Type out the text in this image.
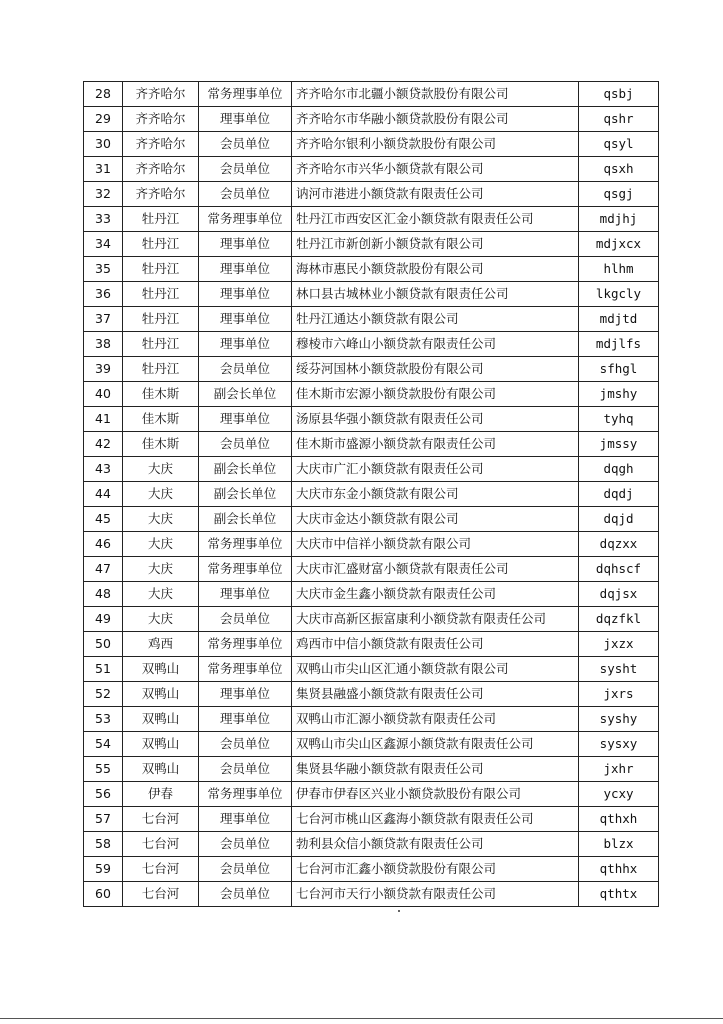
28	齐齐哈尔	常务理事单位	齐齐哈尔市北疆小额贷款股份有限公司	qsbj
29	齐齐哈尔	理事单位	齐齐哈尔市华融小额贷款股份有限公司	qshr
30	齐齐哈尔	会员单位	齐齐哈尔银利小额贷款股份有限公司	qsyl
31	齐齐哈尔	会员单位	齐齐哈尔市兴华小额贷款有限公司	qsxh
32	齐齐哈尔	会员单位	讷河市港进小额贷款有限责任公司	qsgj
33	牡丹江	常务理事单位	牡丹江市西安区汇金小额贷款有限责任公司	mdjhj
34	牡丹江	理事单位	牡丹江市新创新小额贷款有限公司	mdjxcx
35	牡丹江	理事单位	海林市惠民小额贷款股份有限公司	hlhm
36	牡丹江	理事单位	林口县古城林业小额贷款有限责任公司	lkgcly
37	牡丹江	理事单位	牡丹江通达小额贷款有限公司	mdjtd
38	牡丹江	理事单位	穆棱市六峰山小额贷款有限责任公司	mdjlfs
39	牡丹江	会员单位	绥芬河国林小额贷款股份有限公司	sfhgl
40	佳木斯	副会长单位	佳木斯市宏源小额贷款股份有限公司	jmshy
41	佳木斯	理事单位	汤原县华强小额贷款有限责任公司	tyhq
42	佳木斯	会员单位	佳木斯市盛源小额贷款有限责任公司	jmssy
43	大庆	副会长单位	大庆市广汇小额贷款有限责任公司	dqgh
44	大庆	副会长单位	大庆市东金小额贷款有限公司	dqdj
45	大庆	副会长单位	大庆市金达小额贷款有限公司	dqjd
46	大庆	常务理事单位	大庆市中信祥小额贷款有限公司	dqzxx
47	大庆	常务理事单位	大庆市汇盛财富小额贷款有限责任公司	dqhscf
48	大庆	理事单位	大庆市金生鑫小额贷款有限责任公司	dqjsx
49	大庆	会员单位	大庆市高新区振富康利小额贷款有限责任公司	dqzfkl
50	鸡西	常务理事单位	鸡西市中信小额贷款有限责任公司	jxzx
51	双鸭山	常务理事单位	双鸭山市尖山区汇通小额贷款有限公司	sysht
52	双鸭山	理事单位	集贤县融盛小额贷款有限责任公司	jxrs
53	双鸭山	理事单位	双鸭山市汇源小额贷款有限责任公司	syshy
54	双鸭山	会员单位	双鸭山市尖山区鑫源小额贷款有限责任公司	sysxy
55	双鸭山	会员单位	集贤县华融小额贷款有限责任公司	jxhr
56	伊春	常务理事单位	伊春市伊春区兴业小额贷款股份有限公司	ycxy
57	七台河	理事单位	七台河市桃山区鑫海小额贷款有限责任公司	qthxh
58	七台河	会员单位	勃利县众信小额贷款有限责任公司	blzx
59	七台河	会员单位	七台河市汇鑫小额贷款股份有限公司	qthhx
60	七台河	会员单位	七台河市天行小额贷款有限责任公司	qthtx
